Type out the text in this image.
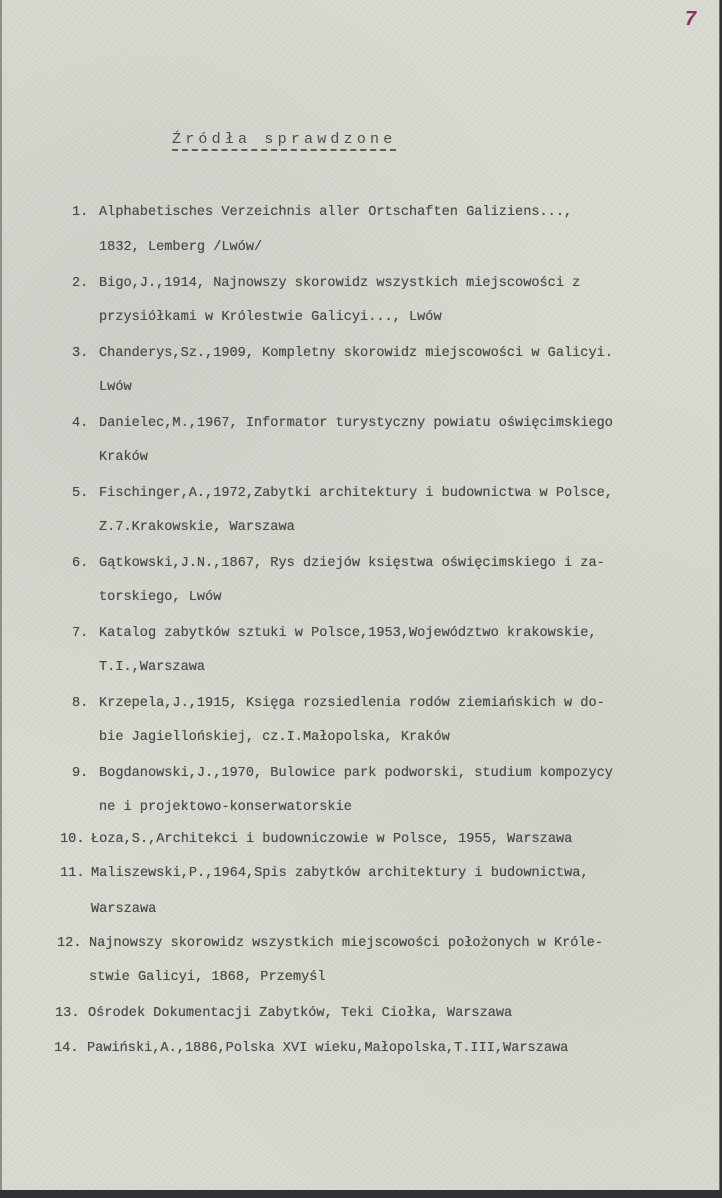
7
Źródła sprawdzone
1. Alphabetisches Verzeichnis aller Ortschaften Galiziens...,
1832, Lemberg /Lwów/
2. Bigo,J.,1914, Najnowszy skorowidz wszystkich miejscowości z
przysiółkami w Królestwie Galicyi..., Lwów
3. Chanderys,Sz.,1909, Kompletny skorowidz miejscowości w Galicyi.
Lwów
4. Danielec,M.,1967, Informator turystyczny powiatu oświęcimskiego
Kraków
5. Fischinger,A.,1972,Zabytki architektury i budownictwa w Polsce,
Z.7.Krakowskie, Warszawa
6. Gątkowski,J.N.,1867, Rys dziejów księstwa oświęcimskiego i za-
torskiego, Lwów
7. Katalog zabytków sztuki w Polsce,1953,Województwo krakowskie,
T.I.,Warszawa
8. Krzepela,J.,1915, Księga rozsiedlenia rodów ziemiańskich w do-
bie Jagiellońskiej, cz.I.Małopolska, Kraków
9. Bogdanowski,J.,1970, Bulowice park podworski, studium kompozycy
ne i projektowo-konserwatorskie
10. Łoza,S.,Architekci i budowniczowie w Polsce, 1955, Warszawa
11. Maliszewski,P.,1964,Spis zabytków architektury i budownictwa,
Warszawa
12. Najnowszy skorowidz wszystkich miejscowości położonych w Króle-
stwie Galicyi, 1868, Przemyśl
13. Ośrodek Dokumentacji Zabytków, Teki Ciołka, Warszawa
14. Pawiński,A.,1886,Polska XVI wieku,Małopolska,T.III,Warszawa
